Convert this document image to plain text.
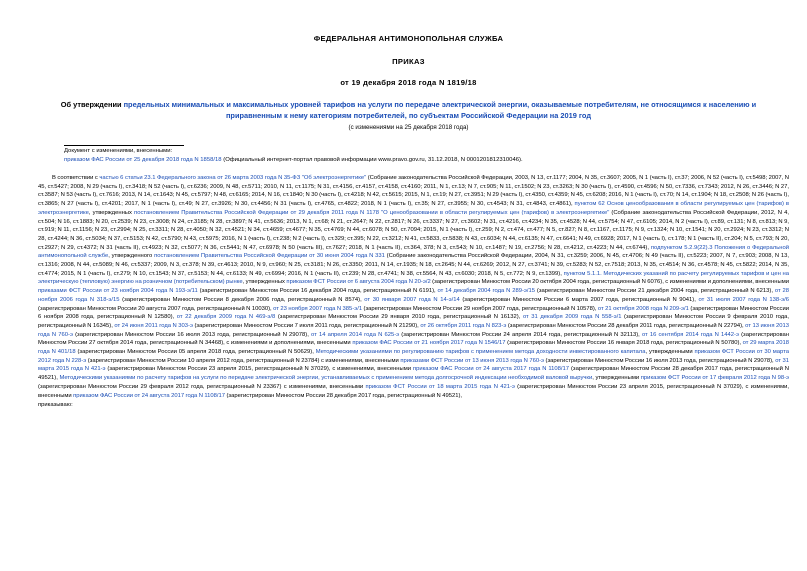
ФЕДЕРАЛЬНАЯ АНТИМОНОПОЛЬНАЯ СЛУЖБА
ПРИКАЗ
от 19 декабря 2018 года N 1819/18
Об утверждении предельных минимальных и максимальных уровней тарифов на услуги по передаче электрической энергии, оказываемые потребителям, не относящимся к населению и приравненным к нему категориям потребителей, по субъектам Российской Федерации на 2019 год
(с изменениями на 25 декабря 2018 года)
Документ с изменениями, внесенными:
приказом ФАС России от 25 декабря 2018 года N 1858/18 (Официальный интернет-портал правовой информации www.pravo.gov.ru, 31.12.2018, N 0001201812310046).

В соответствии с частью 6 статьи 23.1 Федерального закона от 26 марта 2003 года N 35-ФЗ "Об электроэнергетике" (Собрание законодательства Российской Федерации, 2003, N 13, ст.1177; 2004, N 35, ст.3607; 2005, N 1 (часть I), ст.37; 2006, N 52 (часть I), ст.5498; 2007, N 45, ст.5427; 2008, N 29 (часть I), ст.3418; N 52 (часть I), ст.6236; 2009, N 48, ст.5711; 2010, N 11, ст.1175; N 31, ст.4156, ст.4157, ст.4158, ст.4160; 2011, N 1, ст.13; N 7, ст.905; N 11, ст.1502; N 23, ст.3263; N 30 (часть I), ст.4590, ст.4596; N 50, ст.7336, ст.7343; 2012, N 26, ст.3446; N 27, ст.3587; N 53 (часть I), ст.7616; 2013, N 14, ст.1643; N 45, ст.5797; N 48, ст.6165; 2014, N 16, ст.1840; N 30 (часть I), ст.4218; N 42, ст.5615; 2015, N 1, ст.19; N 27, ст.3951; N 29 (часть I), ст.4350, ст.4359; N 45, ст.6208; 2016, N 1 (часть I), ст.70; N 14, ст.1904; N 18, ст.2508; N 26 (часть I), ст.3865; N 27 (часть I), ст.4201; 2017, N 1 (часть I), ст.49; N 27, ст.3926; N 30, ст.4456; N 31 (часть I), ст.4765, ст.4822; 2018, N 1 (часть I), ст.35; N 27, ст.3955; N 30, ст.4543; N 31, ст.4843, ст.4861), пунктом 62 Основ ценообразования в области регулируемых цен (тарифов) в электроэнергетике, утвержденных постановлением Правительства Российской Федерации от 29 декабря 2011 года N 1178 "О ценообразовании в области регулируемых цен (тарифов) в электроэнергетике" (Собрание законодательства Российской Федерации, 2012, N 4, ст.504; N 16, ст.1883; N 20, ст.2539; N 23, ст.3008; N 24, ст.3185; N 28, ст.3897; N 41, ст.5636; 2013, N 1, ст.68; N 21, ст.2647; N 22, ст.2817; N 26, ст.3337; N 27, ст.3602; N 31, ст.4216, ст.4234; N 35, ст.4528; N 44, ст.5754; N 47, ст.6105; 2014, N 2 (часть I), ст.89, ст.131; N 8, ст.813; N 9, ст.919; N 11, ст.1156; N 23, ст.2994; N 25, ст.3311; N 28, ст.4050; N 32, ст.4521; N 34, ст.4659; ст.4677; N 35, ст.4769; N 44, ст.6078; N 50, ст.7094; 2015, N 1 (часть I), ст.259; N 2, ст.474, ст.477; N 5, ст.827; N 8, ст.1167, ст.1175; N 9, ст.1324; N 10, ст.1541; N 20, ст.2924; N 23, ст.3312; N 28, ст.4244; N 36, ст.5034; N 37, ст.5153; N 42, ст.5790; N 43, ст.5975; 2016, N 1 (часть I), ст.238; N 2 (часть I), ст.329; ст.395; N 22, ст.3212; N 41, ст.5833, ст.5838; N 43, ст.6034; N 44, ст.6135; N 47, ст.6641; N 49, ст.6928; 2017, N 1 (часть I), ст.178; N 1 (часть II), ст.204; N 5, ст.793; N 20, ст.2927; N 29, ст.4372; N 31 (часть II), ст.4923; N 32, ст.5077; N 36, ст.5441; N 47, ст.6978; N 50 (часть III), ст.7627; 2018, N 1 (часть II), ст.364, 378; N 3, ст.543; N 10, ст.1487; N 19, ст.2756; N 28, ст.4212, ст.4223; N 44, ст.6744), подпунктом 5.2.9(22).3 Положения о Федеральной антимонопольной службе, утвержденного постановлением Правительства Российской Федерации от 30 июня 2004 года N 331 (Собрание законодательства Российской Федерации, 2004, N 31, ст.3259; 2006, N 45, ст.4706; N 49 (часть II), ст.5223; 2007, N 7, ст.903; 2008, N 13, ст.1316; 2008, N 44, ст.5089; N 46, ст.5337; 2009, N 3, ст.378; N 39, ст.4613; 2010, N 9, ст.960; N 25, ст.3181; N 26, ст.3350; 2011, N 14, ст.1935; N 18, ст.2645; N 44, ст.6269; 2012, N 27, ст.3741; N 39, ст.5283; N 52, ст.7518; 2013, N 35, ст.4514; N 36, ст.4578; N 45, ст.5822; 2014, N 35, ст.4774; 2015, N 1 (часть I), ст.279; N 10, ст.1543; N 37, ст.5153; N 44, ст.6133; N 49, ст.6994; 2016, N 1 (часть II), ст.239; N 28, ст.4741; N 38, ст.5564, N 43, ст.6030; 2018, N 5, ст.772; N 9, ст.1399), пунктом 5.1.1. Методических указаний по расчету регулируемых тарифов и цен на электрическую (тепловую) энергию на розничном (потребительском) рынке, утвержденных приказом ФСТ России от 6 августа 2004 года N 20-э/2 (зарегистрирован Минюстом России 20 октября 2004 года, регистрационный N 6076), с изменениями и дополнениями, внесенными приказами ФСТ России от 23 ноября 2004 года N 193-э/11 (зарегистрирован Минюстом России 16 декабря 2004 года, регистрационный N 6191), от 14 декабря 2004 года N 289-э/15 (зарегистрирован Минюстом России 21 декабря 2004 года, регистрационный N 6213), от 28 ноября 2006 года N 318-э/15 (зарегистрирован Минюстом России 8 декабря 2006 года, регистрационный N 8574), от 30 января 2007 года N 14-э/14 (зарегистрирован Минюстом России 6 марта 2007 года, регистрационный N 9041), от 31 июля 2007 года N 138-э/6 (зарегистрирован Минюстом России 20 августа 2007 года, регистрационный N 10030), от 23 ноября 2007 года N 385-э/1 (зарегистрирован Минюстом России 29 ноября 2007 года, регистрационный N 10578), от 21 октября 2008 года N 209-э/1 (зарегистрирован Минюстом России 6 ноября 2008 года, регистрационный N 12580), от 22 декабря 2009 года N 469-э/8 (зарегистрирован Минюстом России 29 января 2010 года, регистрационный N 16132), от 31 декабря 2009 года N 558-э/1 (зарегистрирован Минюстом России 9 февраля 2010 года, регистрационный N 16345), от 24 июня 2011 года N 303-э (зарегистрирован Минюстом России 7 июля 2011 года, регистрационный N 21290), от 26 октября 2011 года N 823-э (зарегистрирован Минюстом России 28 декабря 2011 года, регистрационный N 22794), от 13 июня 2013 года N 760-э (зарегистрирован Минюстом России 16 июля 2013 года, регистрационный N 29078), от 14 апреля 2014 года N 625-э (зарегистрирован Минюстом России 24 апреля 2014 года, регистрационный N 32113), от 16 сентября 2014 года N 1442-э (зарегистрирован Минюстом России 27 октября 2014 года, регистрационный N 34468), с изменениями и дополнениями, внесенными приказом ФАС России от 21 ноября 2017 года N 1546/17 (зарегистрирован Минюстом России 16 января 2018 года, регистрационный N 50780), от 29 марта 2018 года N 401/18 (зарегистрирован Минюстом России 05 апреля 2018 года, регистрационный N 50629), Методическими указаниями по регулированию тарифов с применением метода доходности инвестированного капитала, утвержденными приказом ФСТ России от 30 марта 2012 года N 228-э (зарегистрирован Минюстом России 10 апреля 2012 года, регистрационный N 23784) с изменениями, внесенными приказами ФСТ России от 13 июня 2013 года N 760-э (зарегистрирован Минюстом России 16 июля 2013 года, регистрационный N 29078), от 31 марта 2015 года N 421-э (зарегистрирован Минюстом России 23 апреля 2015, регистрационный N 37029), с изменениями, внесенными приказом ФАС России от 24 августа 2017 года N 1108/17 (зарегистрирован Минюстом России 28 декабря 2017 года, регистрационный N 49521), Методическими указаниями по расчету тарифов на услуги по передаче электрической энергии, устанавливаемых с применением метода долгосрочной индексации необходимой валовой выручки, утвержденными приказом ФСТ России от 17 февраля 2012 года N 98-э (зарегистрирован Минюстом России 29 февраля 2012 года, регистрационный N 23367) с изменениями, внесенными приказом ФСТ России от 18 марта 2015 года N 421-э (зарегистрирован Минюстом России 23 апреля 2015, регистрационный N 37029), с изменениями, внесенными приказом ФАС России от 24 августа 2017 года N 1108/17 (зарегистрирован Минюстом России 28 декабря 2017 года, регистрационный N 49521),

приказываю:
